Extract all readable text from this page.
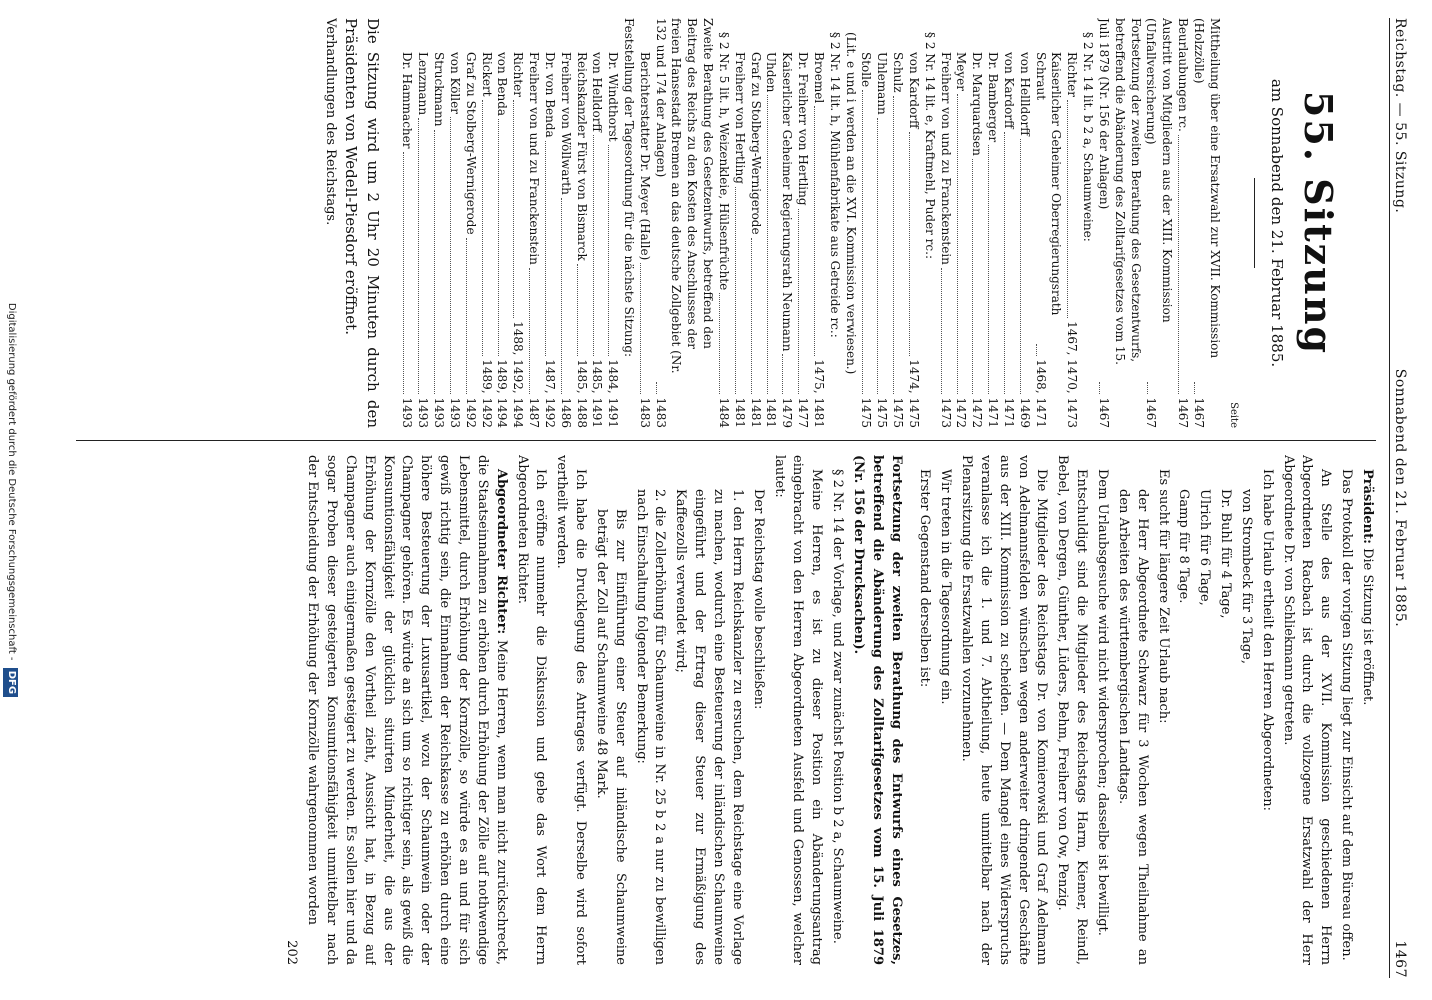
Reichstag. — 55. Sitzung.
Sonnabend den 21. Februar 1885.
1467
55. Sitzung
am Sonnabend den 21. Februar 1885.
Seite
Mittheilung über eine Ersatzwahl zur XVII. Kommission (Holzzölle)
1467
Beurlaubungen rc.
1467
Austritt von Mitgliedern aus der XIII. Kommission (Unfallversicherung)
1467
Fortsetzung der zweiten Berathung des Gesetzentwurfs, betreffend die Abänderung des Zolltarifgesetzes vom 15. Juli 1879 (Nr. 156 der Anlagen)
1467
§ 2 Nr. 14 lit. b 2 a, Schaumweine:
Richter
1467, 1470, 1473
Kaiserlicher Geheimer Oberregierungsrath Schraut
1468, 1471
von Hellldorff
1469
von Kardorff
1471
Dr. Bamberger
1471
Dr. Marquardsen
1472
Meyer
1472
Freiherr von und zu Franckenstein
1473
§ 2 Nr. 14 lit. e, Kraftmehl, Puder rc.:
von Kardorff
1474, 1475
Schulz
1475
Uhlemann
1475
Stolle
1475
(Lit. e und i werden an die XVI. Kommission verwiesen.)
§ 2 Nr. 14 lit. h, Mühlenfabrikate aus Getreide rc.:
Broemel
1475, 1481
Dr. Freiherr von Hertling
1477
Kaiserlicher Geheimer Regierungsrath Neumann
1479
Uhden
1481
Graf zu Stolberg-Wernigerode
1481
Freiherr von Hertling
1481
§ 2 Nr. 5 lit. h, Weizenkleie, Hülsenfrüchte
1484
Zweite Berathung des Gesetzentwurfs, betreffend den Beitrag des Reichs zu den Kosten des Anschlusses der freien Hansestadt Bremen an das deutsche Zollgebiet (Nr. 132 und 174 der Anlagen)
1483
Berichterstatter Dr. Meyer (Halle)
1483
Feststellung der Tagesordnung für die nächste Sitzung:
Dr. Windthorst
1484, 1491
von Helldorff
1485, 1491
Reichskanzler Fürst von Bismarck
1485, 1488
Freiherr von Wöllwarth
1486
Dr. von Benda
1487, 1492
Freiherr von und zu Franckenstein
1487
Richter
1488, 1492, 1494
von Benda
1489, 1494
Rickert
1489, 1492
Graf zu Stolberg-Wernigerode
1492
von Köller
1493
Struckmann
1493
Lenzmann
1493
Dr. Hammacher
1493
Die Sitzung wird um 2 Uhr 20 Minuten durch den Präsidenten von Wedell-Piesdorf eröffnet.
Verhandlungen des Reichstags.

Präsident: Die Sitzung ist eröffnet.

Das Protokoll der vorigen Sitzung liegt zur Einsicht auf dem Büreau offen.

An Stelle des aus der XVII. Kommission geschiedenen Herrn Abgeordneten Racbach ist durch die vollzogene Ersatzwahl der Herr Abgeordnete Dr. von Schliekmann getreten.

Ich habe Urlaub ertheilt den Herren Abgeordneten:

von Strombeck für 3 Tage,

Dr. Buhl für 4 Tage,

Ulrich für 6 Tage,

Gamp für 8 Tage.

Es sucht für längere Zeit Urlaub nach:

der Herr Abgeordnete Schwarz für 3 Wochen wegen Theilnahme an den Arbeiten des württembergischen Landtags.

Dem Urlaubsgesuche wird nicht widersprochen; dasselbe ist bewilligt.

Entschuldigt sind die Mitglieder des Reichstags Harm, Kiemer, Reindl, Bebel, von Dergen, Günther, Lüders, Behm, Freiherr von Ow, Penzig.

Die Mitglieder des Reichstags Dr. von Komierowski und Graf Adelmann von Adelmannsfelden wünschen wegen anderweiter dringender Geschäfte aus der XIII. Kommission zu scheiden. — Dem Mangel eines Widerspruchs veranlasse ich die 1. und 7. Abtheilung, heute unmittelbar nach der Plenarsitzung die Ersatzwahlen vorzunehmen.

Wir treten in die Tagesordnung ein.

Erster Gegenstand derselben ist:

Fortsetzung der zweiten Berathung des Entwurfs eines Gesetzes, betreffend die Abänderung des Zolltarifgesetzes vom 15. Juli 1879 (Nr. 156 der Drucksachen).

§ 2 Nr. 14 der Vorlage, und zwar zunächst Position b 2 a, Schaumweine.

Meine Herren, es ist zu dieser Position ein Abänderungsantrag eingebracht von den Herren Abgeordneten Ausfeld und Genossen, welcher lautet:

Der Reichstag wolle beschließen:

1. den Herrn Reichskanzler zu ersuchen, dem Reichstage eine Vorlage zu machen, wodurch eine Besteuerung der inländischen Schaumweine eingeführt und der Ertrag dieser Steuer zur Ermäßigung des Kaffeezolls verwendet wird;

2. die Zollerhöhung für Schaumweine in Nr. 25 b 2 a nur zu bewilligen nach Einschaltung folgender Bemerkung:

Bis zur Einführung einer Steuer auf inländische Schaumweine beträgt der Zoll auf Schaumweine 48 Mark.

Ich habe die Drucklegung des Antrages verfügt. Derselbe wird sofort vertheilt werden.

Ich eröffne nunmehr die Diskussion und gebe das Wort dem Herrn Abgeordneten Richter.

Abgeordneter Richter: Meine Herren, wenn man nicht zurückschreckt, die Staatseinnahmen zu erhöhen durch Erhöhung der Zölle auf nothwendige Lebensmittel, durch Erhöhung der Kornzölle, so würde es an und für sich gewiß richtig sein, die Einnahmen der Reichskasse zu erhöhen durch eine höhere Besteuerung der Luxusartikel, wozu der Schaumwein oder der Champagner gehören. Es würde an sich um so richtiger sein, als gewiß die Konsumtionsfähigkeit der glücklich situirten Minderheit, die aus der Erhöhung der Kornzölle den Vortheil zieht, Aussicht hat, in Bezug auf Champagner auch einigermaßen gesteigert zu werden. Es sollen hier und da sogar Proben dieser gesteigerten Konsumtionsfähigkeit unmittelbar nach der Entscheidung der Erhöhung der Kornzölle wahrgenommen worden

202
Digitalisierung gefördert durch die Deutsche Forschungsgemeinschaft - DFG
